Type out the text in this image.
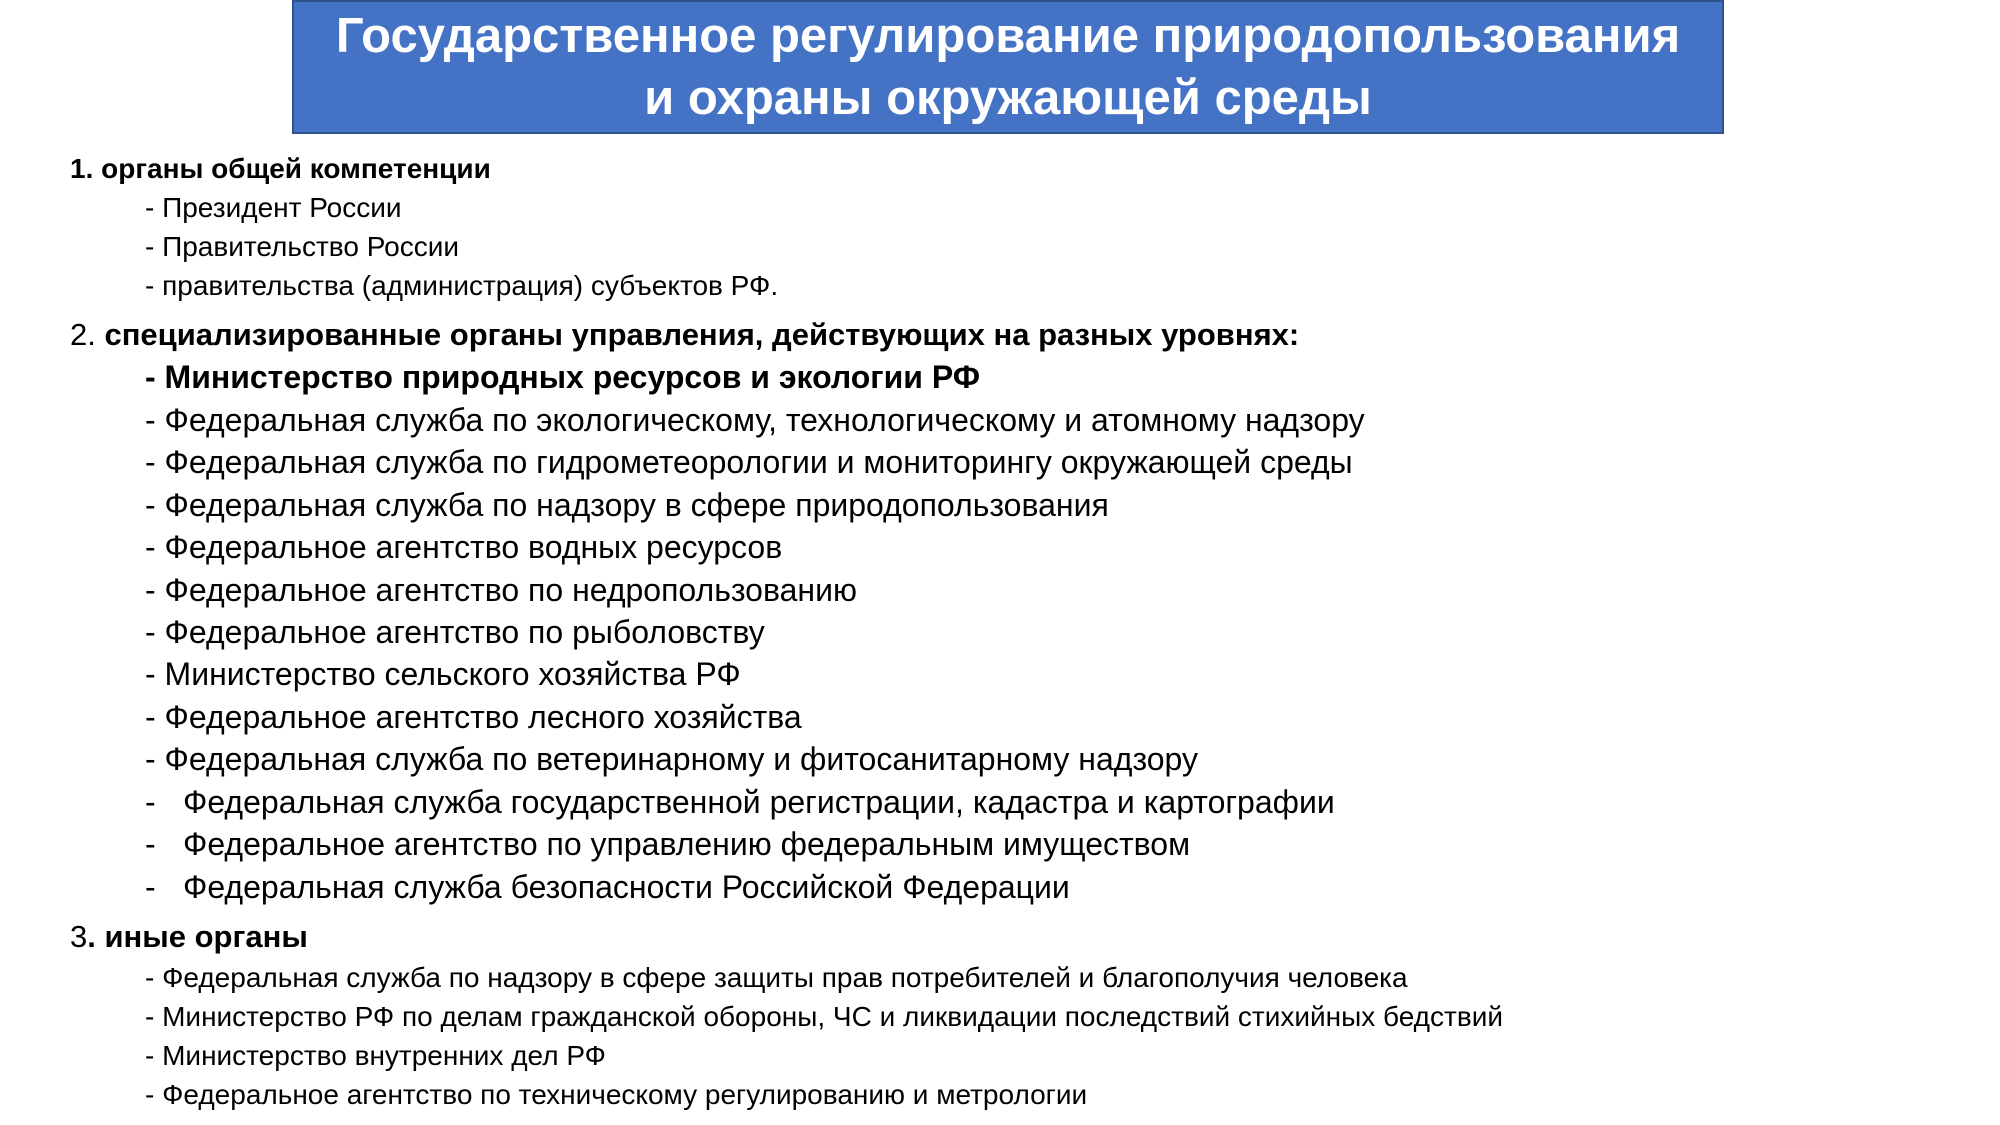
Государственное регулирование природопользования
и охраны окружающей среды
1. органы общей компетенции
- Президент России
- Правительство России
- правительства (администрация) субъектов РФ.
2. специализированные органы управления, действующих на разных уровнях:
- Министерство природных ресурсов и экологии РФ
- Федеральная служба по экологическому, технологическому и атомному надзору
- Федеральная служба по гидрометеорологии и мониторингу окружающей среды
- Федеральная служба по надзору в сфере природопользования
- Федеральное агентство водных ресурсов
- Федеральное агентство по недропользованию
- Федеральное агентство по рыболовству
- Министерство сельского хозяйства РФ
- Федеральное агентство лесного хозяйства
- Федеральная служба по ветеринарному и фитосанитарному надзору
- Федеральная служба государственной регистрации, кадастра и картографии
- Федеральное агентство по управлению федеральным имуществом
- Федеральная служба безопасности Российской Федерации
3. иные органы
- Федеральная служба по надзору в сфере защиты прав потребителей и благополучия человека
- Министерство РФ по делам гражданской обороны, ЧС и ликвидации последствий стихийных бедствий
- Министерство внутренних дел РФ
- Федеральное агентство по техническому регулированию и метрологии
